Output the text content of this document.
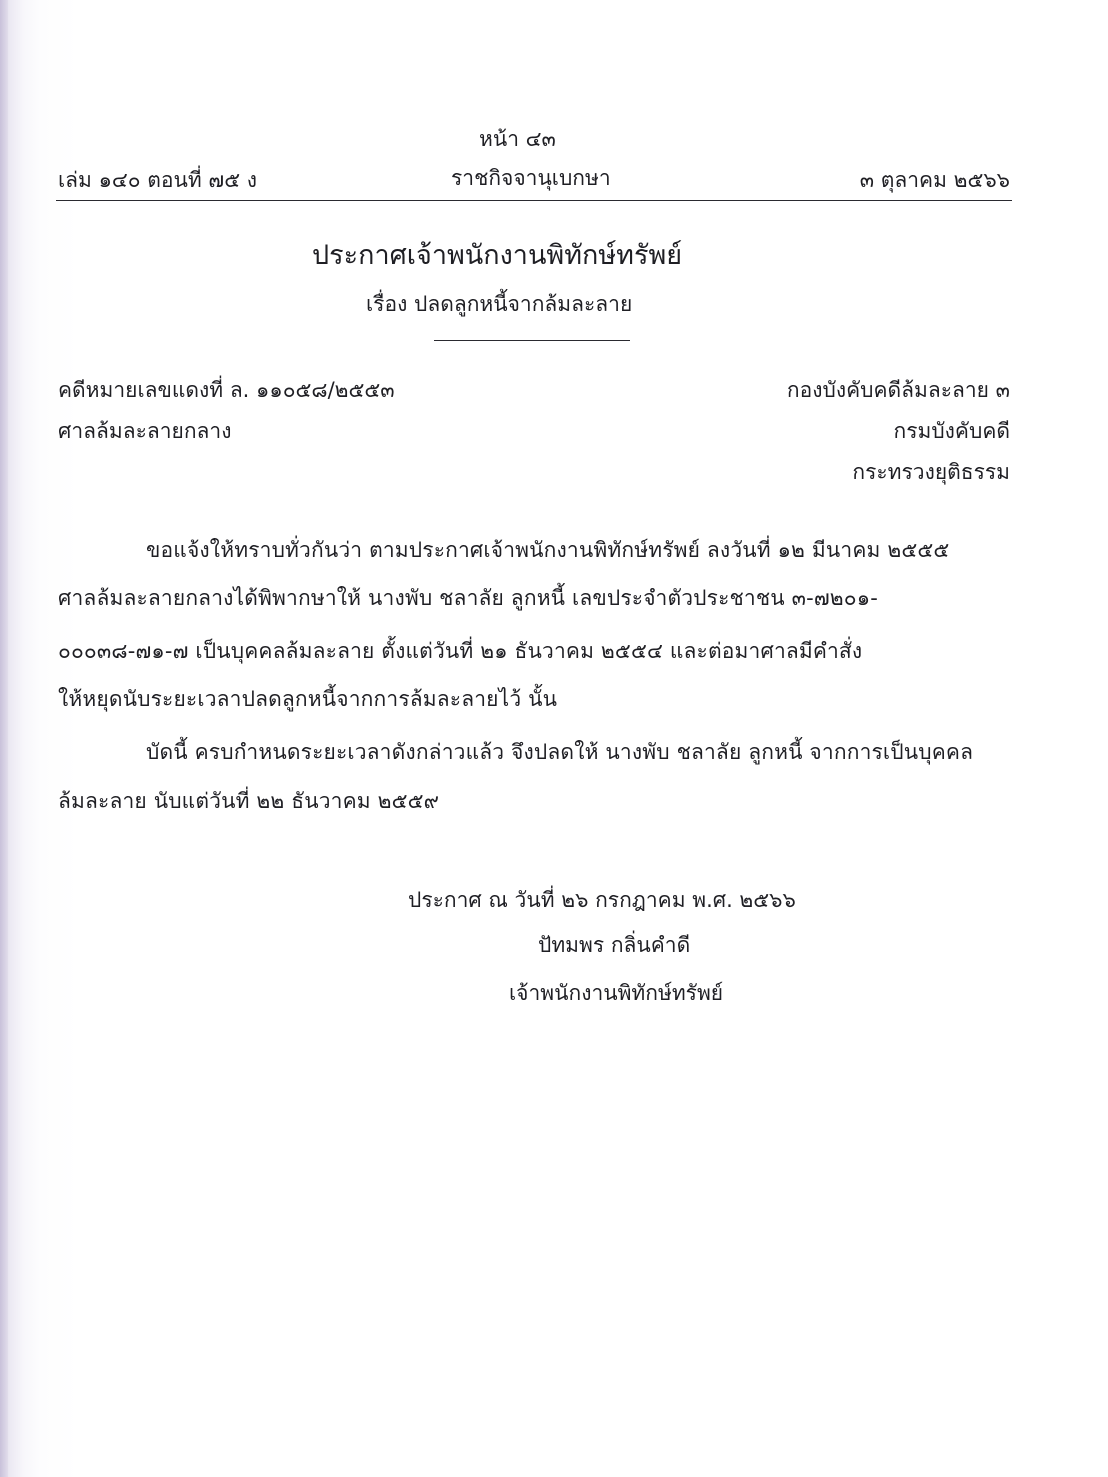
หน้า ๔๓
เล่ม ๑๔๐ ตอนที่ ๗๕ ง	ราชกิจจานุเบกษา	๓ ตุลาคม ๒๕๖๖
ประกาศเจ้าพนักงานพิทักษ์ทรัพย์
เรื่อง ปลดลูกหนี้จากล้มละลาย
คดีหมายเลขแดงที่ ล. ๑๑๐๕๘/๒๕๕๓
ศาลล้มละลายกลาง
กองบังคับคดีล้มละลาย ๓
กรมบังคับคดี
กระทรวงยุติธรรม
ขอแจ้งให้ทราบทั่วกันว่า ตามประกาศเจ้าพนักงานพิทักษ์ทรัพย์ ลงวันที่ ๑๒ มีนาคม ๒๕๕๕
ศาลล้มละลายกลางได้พิพากษาให้ นางพับ ชลาลัย ลูกหนี้ เลขประจำตัวประชาชน ๓-๗๒๐๑-
๐๐๐๓๘-๗๑-๗ เป็นบุคคลล้มละลาย ตั้งแต่วันที่ ๒๑ ธันวาคม ๒๕๕๔ และต่อมาศาลมีคำสั่ง
ให้หยุดนับระยะเวลาปลดลูกหนี้จากการล้มละลายไว้ นั้น
บัดนี้ ครบกำหนดระยะเวลาดังกล่าวแล้ว จึงปลดให้ นางพับ ชลาลัย ลูกหนี้ จากการเป็นบุคคล
ล้มละลาย นับแต่วันที่ ๒๒ ธันวาคม ๒๕๕๙
ประกาศ ณ วันที่ ๒๖ กรกฎาคม พ.ศ. ๒๕๖๖
ปัทมพร กลิ่นคำดี
เจ้าพนักงานพิทักษ์ทรัพย์
